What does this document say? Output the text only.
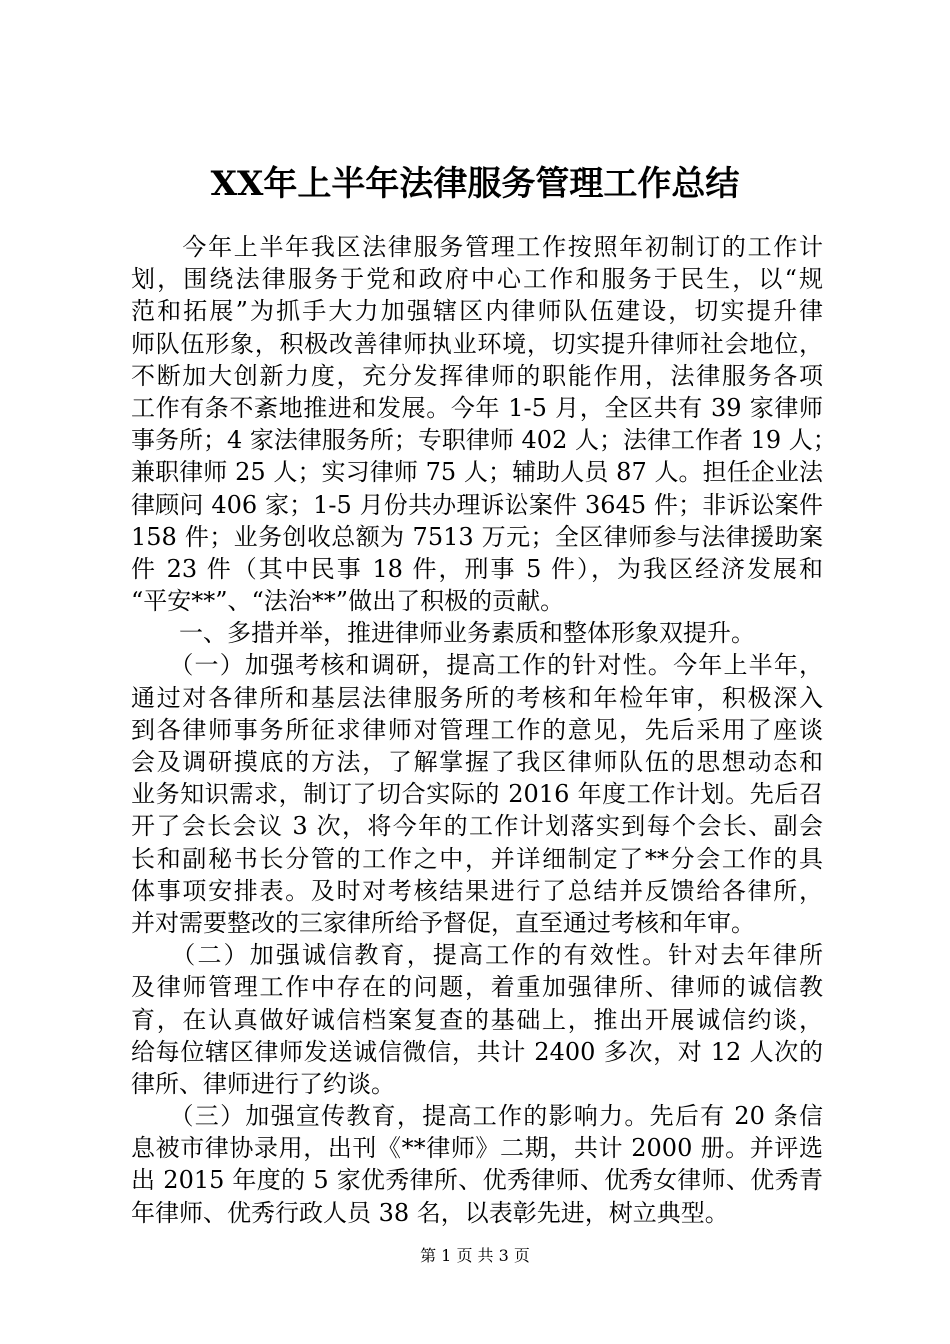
XX年上半年法律服务管理工作总结
　　今年上半年我区法律服务管理工作按照年初制订的工作计
划，围绕法律服务于党和政府中心工作和服务于民生，以“规
范和拓展”为抓手大力加强辖区内律师队伍建设，切实提升律
师队伍形象，积极改善律师执业环境，切实提升律师社会地位，
不断加大创新力度，充分发挥律师的职能作用，法律服务各项
工作有条不紊地推进和发展。今年 1-5 月，全区共有 39 家律师
事务所；4 家法律服务所；专职律师 402 人；法律工作者 19 人；
兼职律师 25 人；实习律师 75 人；辅助人员 87 人。担任企业法
律顾问 406 家；1-5 月份共办理诉讼案件 3645 件；非诉讼案件
158 件；业务创收总额为 7513 万元；全区律师参与法律援助案
件 23 件（其中民事 18 件，刑事 5 件），为我区经济发展和
“平安**”、“法治**”做出了积极的贡献。
　　一、多措并举，推进律师业务素质和整体形象双提升。
　　（一）加强考核和调研，提高工作的针对性。今年上半年，
通过对各律所和基层法律服务所的考核和年检年审，积极深入
到各律师事务所征求律师对管理工作的意见，先后采用了座谈
会及调研摸底的方法，了解掌握了我区律师队伍的思想动态和
业务知识需求，制订了切合实际的 2016 年度工作计划。先后召
开了会长会议 3 次，将今年的工作计划落实到每个会长、副会
长和副秘书长分管的工作之中，并详细制定了**分会工作的具
体事项安排表。及时对考核结果进行了总结并反馈给各律所，
并对需要整改的三家律所给予督促，直至通过考核和年审。
　　（二）加强诚信教育，提高工作的有效性。针对去年律所
及律师管理工作中存在的问题，着重加强律所、律师的诚信教
育，在认真做好诚信档案复查的基础上，推出开展诚信约谈，
给每位辖区律师发送诚信微信，共计 2400 多次，对 12 人次的
律所、律师进行了约谈。
　　（三）加强宣传教育，提高工作的影响力。先后有 20 条信
息被市律协录用，出刊《**律师》二期，共计 2000 册。并评选
出 2015 年度的 5 家优秀律所、优秀律师、优秀女律师、优秀青
年律师、优秀行政人员 38 名，以表彰先进，树立典型。
第 1 页 共 3 页
